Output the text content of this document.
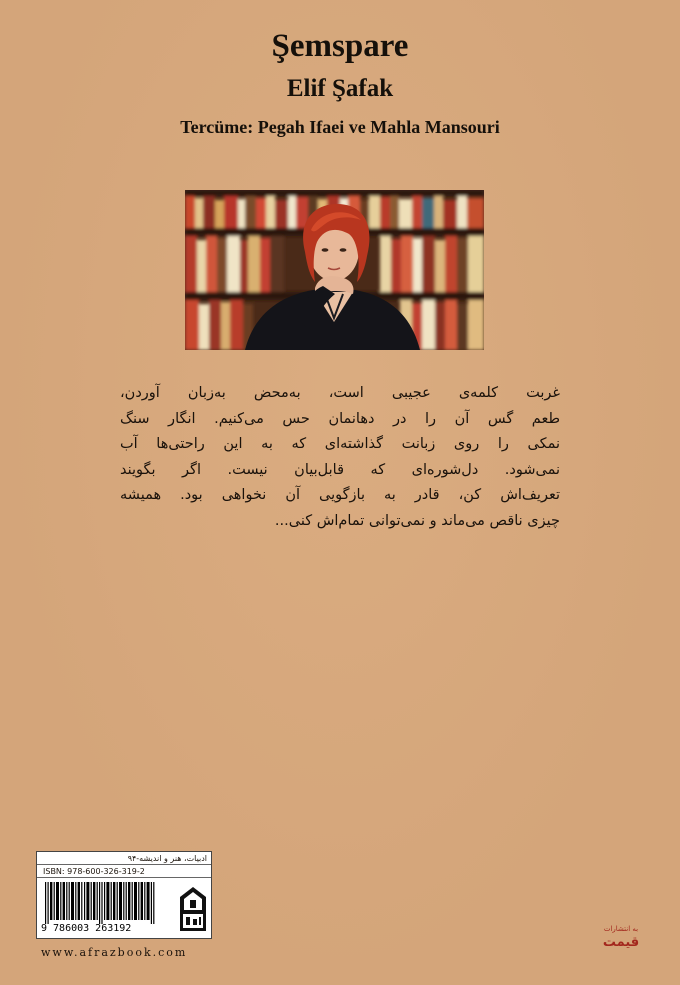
Şemspare
Elif Şafak
Tercüme: Pegah Ifaei ve Mahla Mansouri
غربت کلمه‌ی عجیبی است، به‌محض به‌زبان آوردن،
طعم گس آن را در دهانمان حس می‌کنیم. انگار سنگ
نمکی را روی زبانت گذاشته‌ای که به این راحتی‌ها آب
نمی‌شود. دل‌شوره‌ای که قابل‌بیان نیست. اگر بگویند
تعریف‌اش کن، قادر به بازگویی آن نخواهی بود. همیشه
چیزی ناقص می‌ماند و نمی‌توانی تمام‌اش کنی...
ادبیات، هنر و اندیشه-۹۴
ISBN: 978-600-326-319-2
9 786003 263192
www.afrazbook.com
به انتشارات
قیمت
